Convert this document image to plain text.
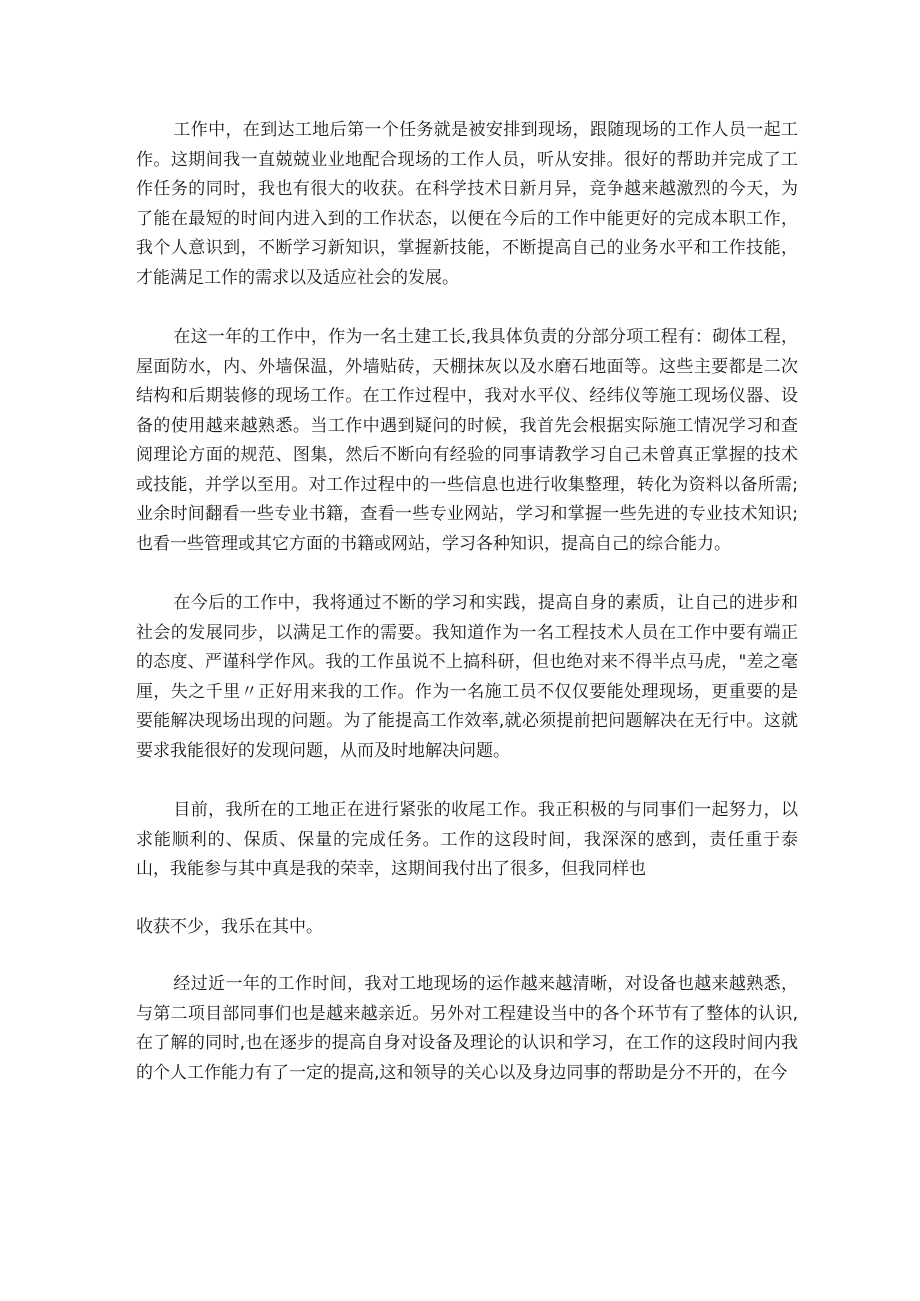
工作中，在到达工地后第一个任务就是被安排到现场，跟随现场的工作人员一起工作。这期间我一直兢兢业业地配合现场的工作人员，听从安排。很好的帮助并完成了工作任务的同时，我也有很大的收获。在科学技术日新月异，竞争越来越激烈的今天，为了能在最短的时间内进入到的工作状态，以便在今后的工作中能更好的完成本职工作，我个人意识到，不断学习新知识，掌握新技能，不断提高自己的业务水平和工作技能，才能满足工作的需求以及适应社会的发展。

在这一年的工作中，作为一名土建工长,我具体负责的分部分项工程有：砌体工程，屋面防水，内、外墙保温，外墙贴砖，天棚抹灰以及水磨石地面等。这些主要都是二次结构和后期装修的现场工作。在工作过程中，我对水平仪、经纬仪等施工现场仪器、设备的使用越来越熟悉。当工作中遇到疑问的时候，我首先会根据实际施工情况学习和查阅理论方面的规范、图集，然后不断向有经验的同事请教学习自己未曾真正掌握的技术或技能，并学以至用。对工作过程中的一些信息也进行收集整理，转化为资料以备所需;业余时间翻看一些专业书籍，查看一些专业网站，学习和掌握一些先进的专业技术知识;也看一些管理或其它方面的书籍或网站，学习各种知识，提高自己的综合能力。

在今后的工作中，我将通过不断的学习和实践，提高自身的素质，让自己的进步和社会的发展同步，以满足工作的需要。我知道作为一名工程技术人员在工作中要有端正的态度、严谨科学作风。我的工作虽说不上搞科研，但也绝对来不得半点马虎，"差之毫厘，失之千里〃正好用来我的工作。作为一名施工员不仅仅要能处理现场，更重要的是要能解决现场出现的问题。为了能提高工作效率,就必须提前把问题解决在无行中。这就要求我能很好的发现问题，从而及时地解决问题。

目前，我所在的工地正在进行紧张的收尾工作。我正积极的与同事们一起努力，以求能顺利的、保质、保量的完成任务。工作的这段时间，我深深的感到，责任重于泰山，我能参与其中真是我的荣幸，这期间我付出了很多，但我同样也

收获不少，我乐在其中。

经过近一年的工作时间，我对工地现场的运作越来越清晰，对设备也越来越熟悉，与第二项目部同事们也是越来越亲近。另外对工程建设当中的各个环节有了整体的认识,在了解的同时,也在逐步的提高自身对设备及理论的认识和学习，在工作的这段时间内我的个人工作能力有了一定的提高,这和领导的关心以及身边同事的帮助是分不开的，在今
